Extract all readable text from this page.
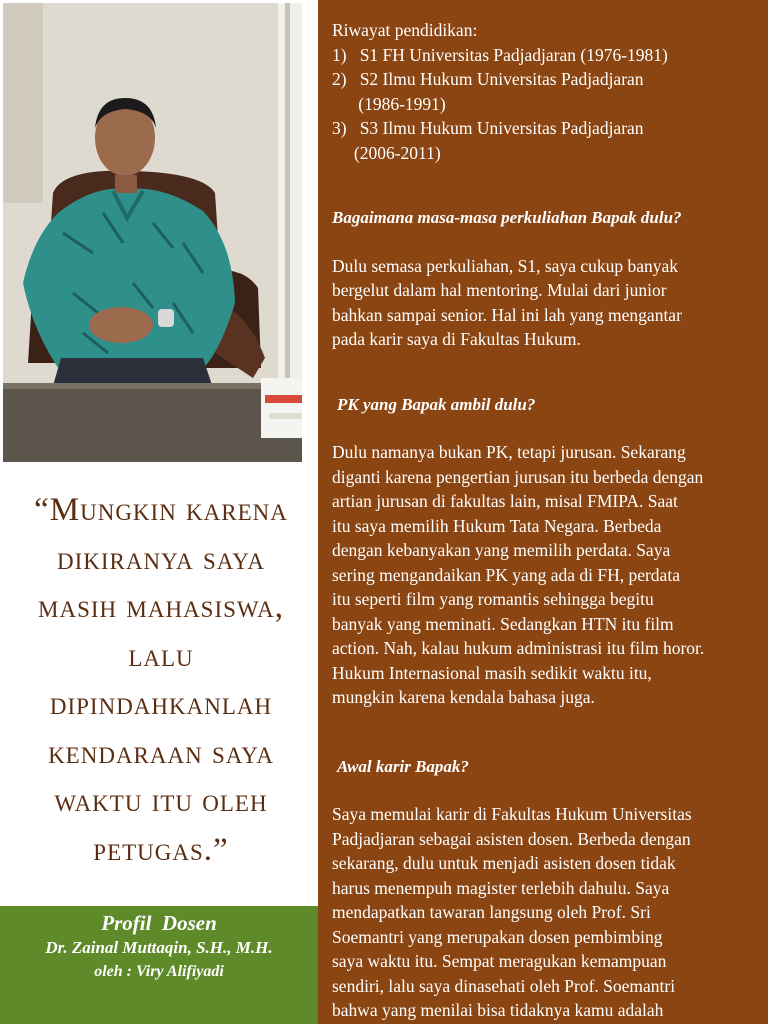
“Mungkin karena
dikiranya saya
masih mahasiswa,
lalu
dipindahkanlah
kendaraan saya
waktu itu oleh
petugas.”
Profil  Dosen
Dr. Zainal Muttaqin, S.H., M.H.
oleh : Viry Alifiyadi

Riwayat pendidikan:

1)   S1 FH Universitas Padjadjaran (1976-1981)

2)   S2 Ilmu Hukum Universitas Padjadjaran

(1986-1991)

3)   S3 Ilmu Hukum Universitas Padjadjaran

(2006-2011)

Bagaimana masa-masa perkuliahan Bapak dulu?

Dulu semasa perkuliahan, S1, saya cukup banyak

bergelut dalam hal mentoring. Mulai dari junior

bahkan sampai senior. Hal ini lah yang mengantar

pada karir saya di Fakultas Hukum.

PK yang Bapak ambil dulu?

Dulu namanya bukan PK, tetapi jurusan. Sekarang

diganti karena pengertian jurusan itu berbeda dengan

artian jurusan di fakultas lain, misal FMIPA. Saat

itu saya memilih Hukum Tata Negara. Berbeda

dengan kebanyakan yang memilih perdata. Saya

sering mengandaikan PK yang ada di FH, perdata

itu seperti film yang romantis sehingga begitu

banyak yang meminati. Sedangkan HTN itu film

action. Nah, kalau hukum administrasi itu film horor.

Hukum Internasional masih sedikit waktu itu,

mungkin karena kendala bahasa juga.

Awal karir Bapak?

Saya memulai karir di Fakultas Hukum Universitas

Padjadjaran sebagai asisten dosen. Berbeda dengan

sekarang, dulu untuk menjadi asisten dosen tidak

harus menempuh magister terlebih dahulu. Saya

mendapatkan tawaran langsung oleh Prof. Sri

Soemantri yang merupakan dosen pembimbing

saya waktu itu. Sempat meragukan kemampuan

sendiri, lalu saya dinasehati oleh Prof. Soemantri

bahwa yang menilai bisa tidaknya kamu adalah
